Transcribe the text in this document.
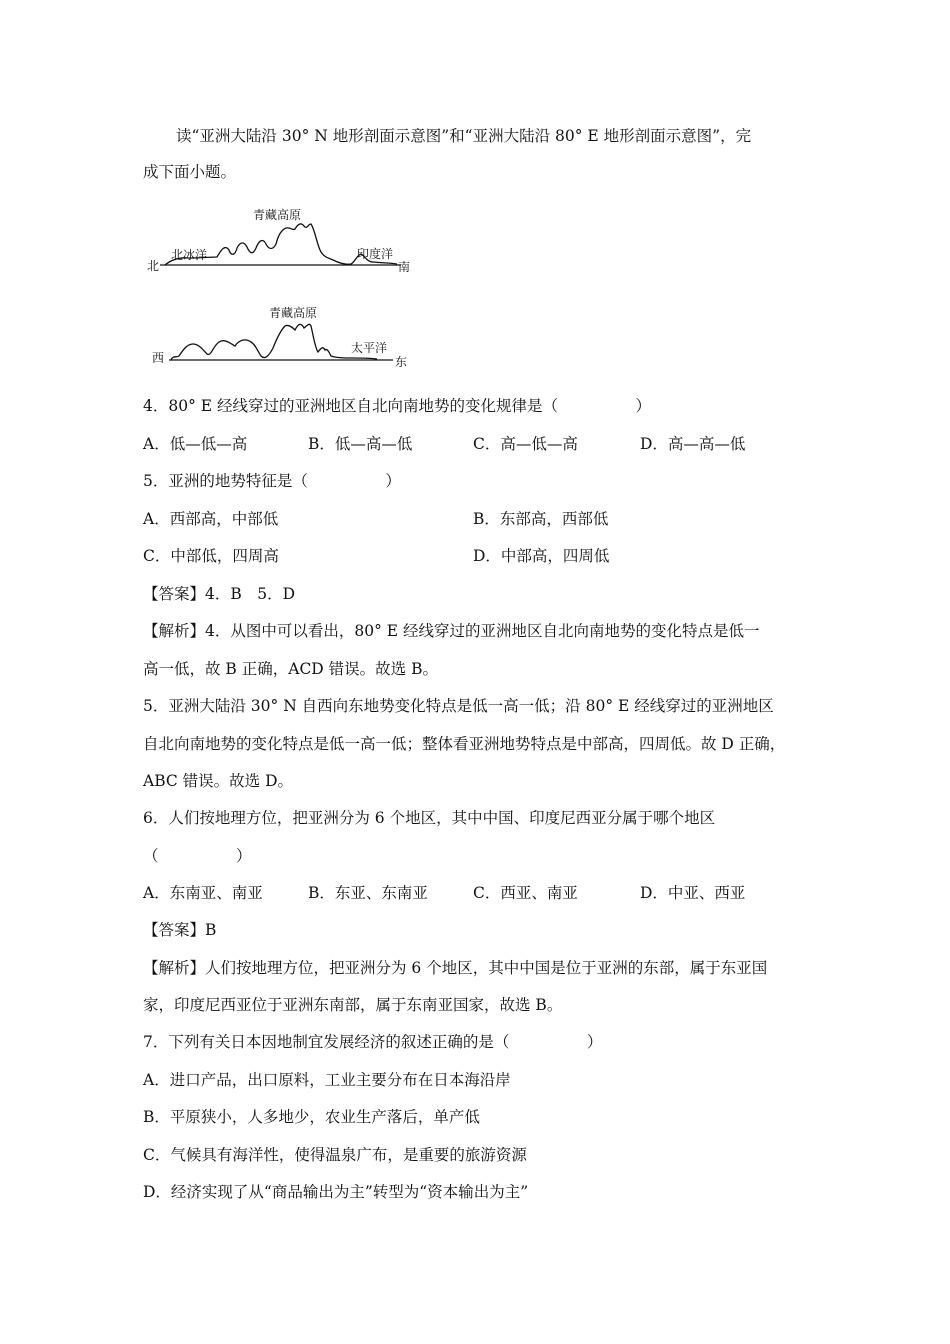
读“亚洲大陆沿 30° N 地形剖面示意图”和“亚洲大陆沿 80° E 地形剖面示意图”，完
成下面小题。
北
北冰洋
青藏高原
印度洋
南
西
青藏高原
太平洋
东
4．80° E 经线穿过的亚洲地区自北向南地势的变化规律是（　　　　　）
A．低—低—高	B．低—高—低	C．高—低—高	D．高—高—低
5．亚洲的地势特征是（　　　　　）
A．西部高，中部低	B．东部高，西部低
C．中部低，四周高	D．中部高，四周低
【答案】4．B　5．D
【解析】4．从图中可以看出，80° E 经线穿过的亚洲地区自北向南地势的变化特点是低一
高一低，故 B 正确，ACD 错误。故选 B。
5．亚洲大陆沿 30° N 自西向东地势变化特点是低一高一低；沿 80° E 经线穿过的亚洲地区
自北向南地势的变化特点是低一高一低；整体看亚洲地势特点是中部高，四周低。故 D 正确，
ABC 错误。故选 D。
6．人们按地理方位，把亚洲分为 6 个地区，其中中国、印度尼西亚分属于哪个地区
（　　　　　）
A．东南亚、南亚	B．东亚、东南亚	C．西亚、南亚	D．中亚、西亚
【答案】B
【解析】人们按地理方位，把亚洲分为 6 个地区，其中中国是位于亚洲的东部，属于东亚国
家，印度尼西亚位于亚洲东南部，属于东南亚国家，故选 B。
7．下列有关日本因地制宜发展经济的叙述正确的是（　　　　　）
A．进口产品，出口原料，工业主要分布在日本海沿岸
B．平原狭小，人多地少，农业生产落后，单产低
C．气候具有海洋性，使得温泉广布，是重要的旅游资源
D．经济实现了从“商品输出为主”转型为“资本输出为主”
